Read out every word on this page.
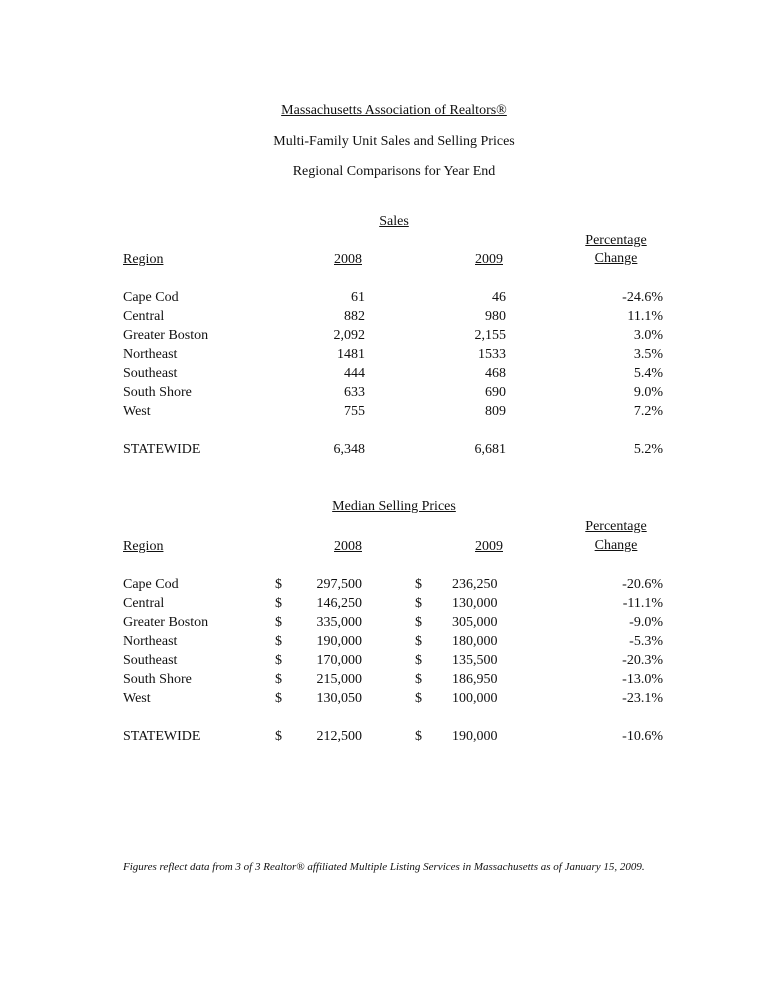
Massachusetts Association of Realtors®
Multi-Family Unit Sales and Selling Prices
Regional Comparisons for Year End
Sales
Region	2008	2009
Percentage
Change
Cape Cod	61	46	-24.6%
Central	882	980	11.1%
Greater Boston	2,092	2,155	3.0%
Northeast	1481	1533	3.5%
Southeast	444	468	5.4%
South Shore	633	690	9.0%
West	755	809	7.2%
STATEWIDE	6,348	6,681	5.2%
Median Selling Prices
Region	2008	2009
Percentage
Change
Cape Cod	$	297,500	$ 236,250	-20.6%
Central	$	146,250	$ 130,000	-11.1%
Greater Boston	$	335,000	$ 305,000	-9.0%
Northeast	$	190,000	$ 180,000	-5.3%
Southeast	$	170,000	$ 135,500	-20.3%
South Shore	$	215,000	$ 186,950	-13.0%
West	$	130,050	$ 100,000	-23.1%
STATEWIDE	$	212,500	$ 190,000	-10.6%
Figures reflect data from 3 of 3 Realtor® affiliated Multiple Listing Services in Massachusetts as of January 15, 2009.
